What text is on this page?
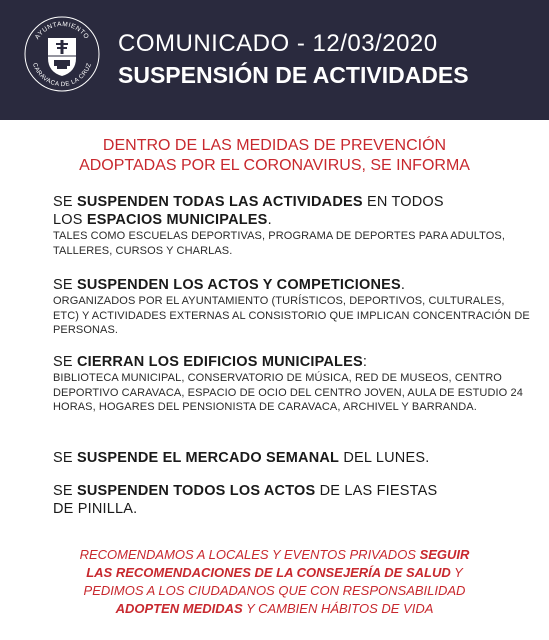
AYUNTAMIENTO
CARAVACA DE LA CRUZ
COMUNICADO - 12/03/2020
SUSPENSIÓN DE ACTIVIDADES
DENTRO DE LAS MEDIDAS DE PREVENCIÓN
ADOPTADAS POR EL CORONAVIRUS, SE INFORMA
SE SUSPENDEN TODAS LAS ACTIVIDADES EN TODOS
LOS ESPACIOS MUNICIPALES.
TALES COMO ESCUELAS DEPORTIVAS, PROGRAMA DE DEPORTES PARA ADULTOS, TALLERES, CURSOS Y CHARLAS.
SE SUSPENDEN LOS ACTOS Y COMPETICIONES.
ORGANIZADOS POR EL AYUNTAMIENTO (TURÍSTICOS, DEPORTIVOS, CULTURALES, ETC) Y ACTIVIDADES EXTERNAS AL CONSISTORIO QUE IMPLICAN CONCENTRACIÓN DE PERSONAS.
SE CIERRAN LOS EDIFICIOS MUNICIPALES:
BIBLIOTECA MUNICIPAL, CONSERVATORIO DE MÚSICA, RED DE MUSEOS, CENTRO DEPORTIVO CARAVACA, ESPACIO DE OCIO DEL CENTRO JOVEN, AULA DE ESTUDIO 24 HORAS, HOGARES DEL PENSIONISTA DE CARAVACA, ARCHIVEL Y BARRANDA.
SE SUSPENDE EL MERCADO SEMANAL DEL LUNES.
SE SUSPENDEN TODOS LOS ACTOS DE LAS FIESTAS
DE PINILLA.
RECOMENDAMOS A LOCALES Y EVENTOS PRIVADOS SEGUIR
LAS RECOMENDACIONES DE LA CONSEJERÍA DE SALUD Y
PEDIMOS A LOS CIUDADANOS QUE CON RESPONSABILIDAD
ADOPTEN MEDIDAS Y CAMBIEN HÁBITOS DE VIDA
